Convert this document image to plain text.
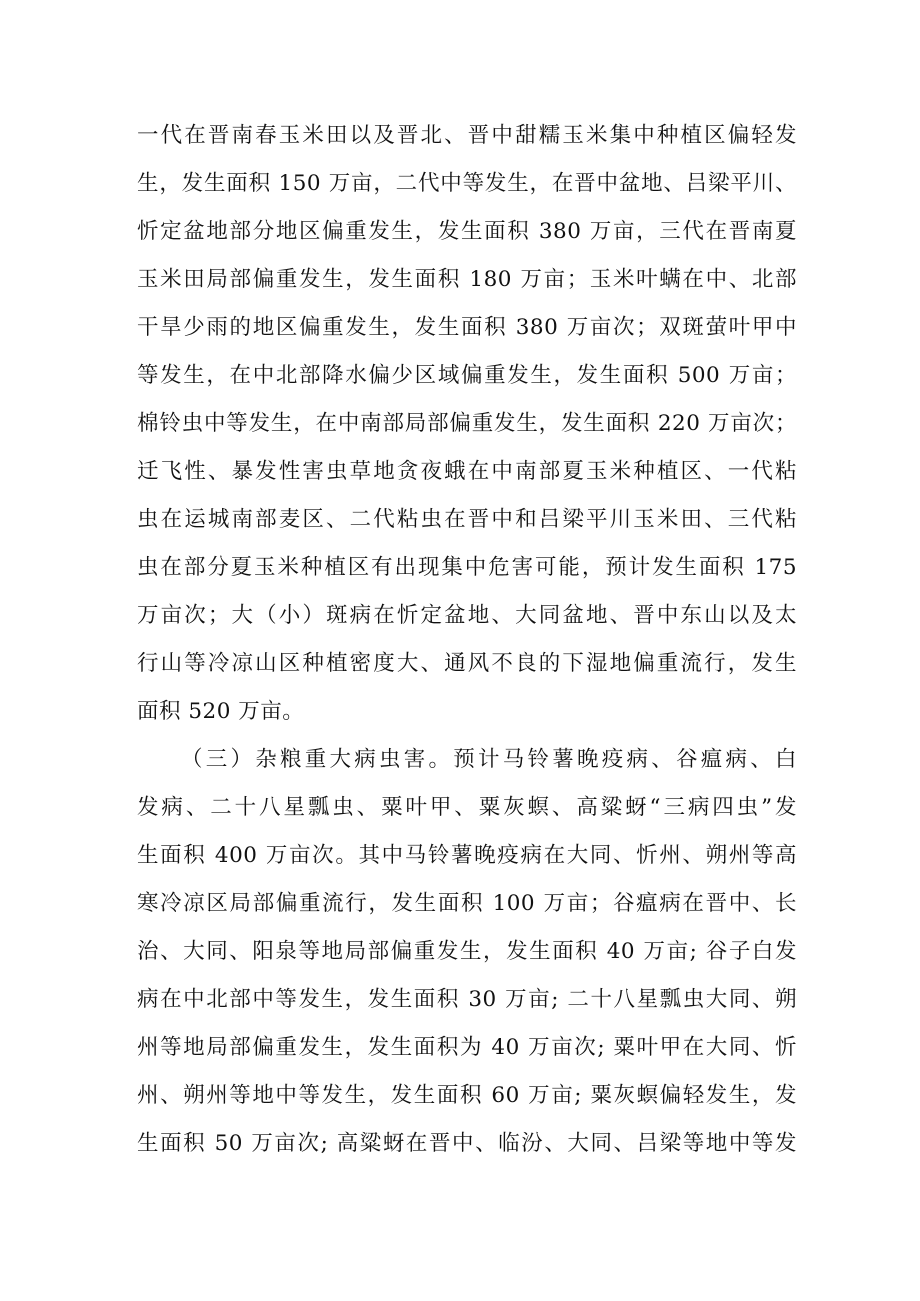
一代在晋南春玉米田以及晋北、晋中甜糯玉米集中种植区偏轻发
生，发生面积 150 万亩，二代中等发生，在晋中盆地、吕梁平川、
忻定盆地部分地区偏重发生，发生面积 380 万亩，三代在晋南夏
玉米田局部偏重发生，发生面积 180 万亩；玉米叶螨在中、北部
干旱少雨的地区偏重发生，发生面积 380 万亩次；双斑萤叶甲中
等发生，在中北部降水偏少区域偏重发生，发生面积 500 万亩；
棉铃虫中等发生，在中南部局部偏重发生，发生面积 220 万亩次；
迁飞性、暴发性害虫草地贪夜蛾在中南部夏玉米种植区、一代粘
虫在运城南部麦区、二代粘虫在晋中和吕梁平川玉米田、三代粘
虫在部分夏玉米种植区有出现集中危害可能，预计发生面积 175
万亩次；大（小）斑病在忻定盆地、大同盆地、晋中东山以及太
行山等冷凉山区种植密度大、通风不良的下湿地偏重流行，发生
面积 520 万亩。
（三）杂粮重大病虫害。预计马铃薯晚疫病、谷瘟病、白
发病、二十八星瓢虫、粟叶甲、粟灰螟、高粱蚜“三病四虫”发
生面积 400 万亩次。其中马铃薯晚疫病在大同、忻州、朔州等高
寒冷凉区局部偏重流行，发生面积 100 万亩；谷瘟病在晋中、长
治、大同、阳泉等地局部偏重发生，发生面积 40 万亩; 谷子白发
病在中北部中等发生，发生面积 30 万亩; 二十八星瓢虫大同、朔
州等地局部偏重发生，发生面积为 40 万亩次; 粟叶甲在大同、忻
州、朔州等地中等发生，发生面积 60 万亩; 粟灰螟偏轻发生，发
生面积 50 万亩次; 高粱蚜在晋中、临汾、大同、吕梁等地中等发
